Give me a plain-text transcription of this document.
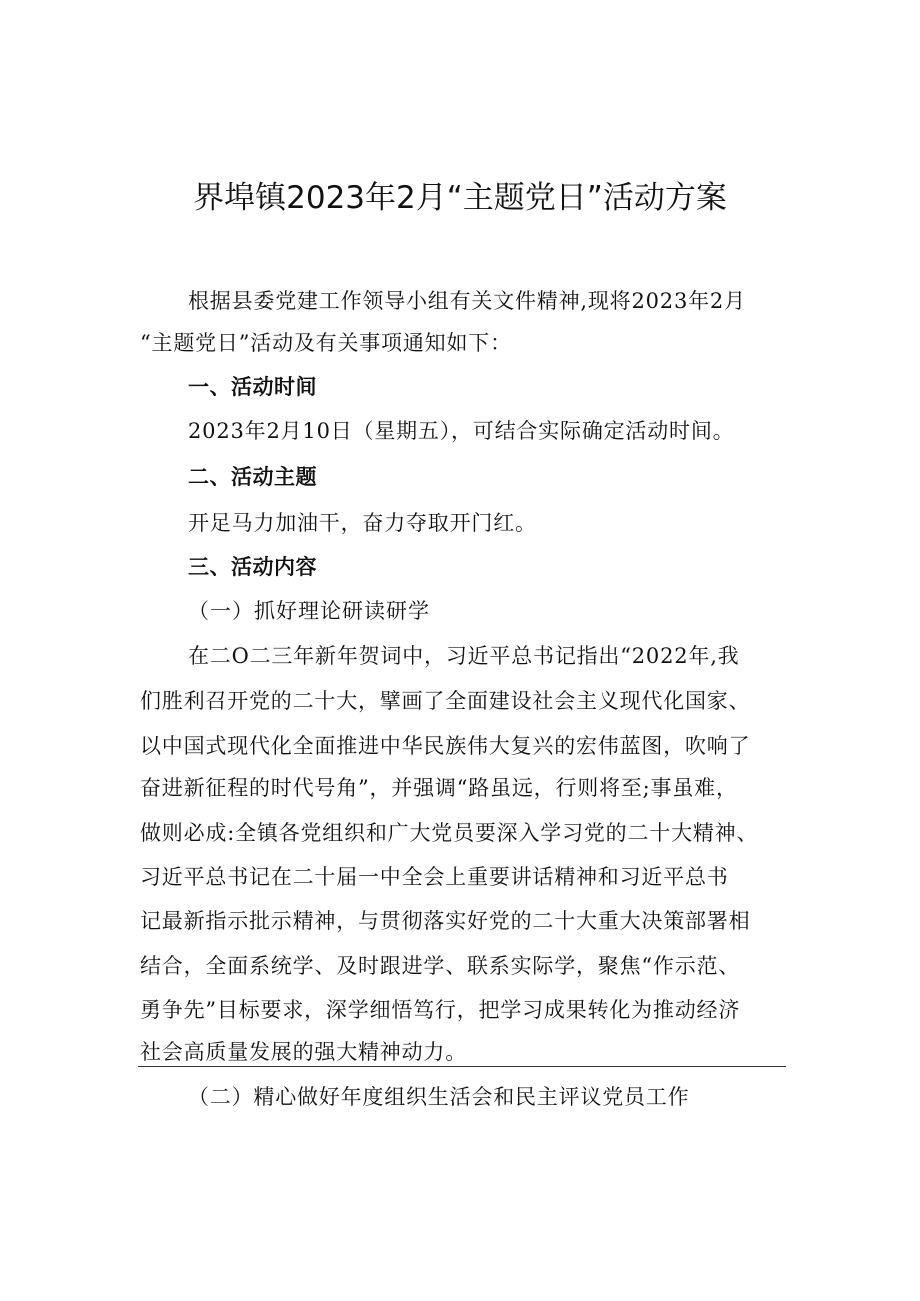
界埠镇2023年2月“主题党日”活动方案
根据县委党建工作领导小组有关文件精神,现将2023年2月
“主题党日”活动及有关事项通知如下：
一、活动时间
2023年2月10日（星期五），可结合实际确定活动时间。
二、活动主题
开足马力加油干，奋力夺取开门红。
三、活动内容
（一）抓好理论研读研学
在二O二三年新年贺词中，习近平总书记指出“2022年,我
们胜利召开党的二十大，擘画了全面建设社会主义现代化国家、
以中国式现代化全面推进中华民族伟大复兴的宏伟蓝图，吹响了
奋进新征程的时代号角”，并强调“路虽远，行则将至;事虽难，
做则必成:全镇各党组织和广大党员要深入学习党的二十大精神、
习近平总书记在二十届一中全会上重要讲话精神和习近平总书
记最新指示批示精神，与贯彻落实好党的二十大重大决策部署相
结合，全面系统学、及时跟进学、联系实际学，聚焦“作示范、
勇争先”目标要求，深学细悟笃行，把学习成果转化为推动经济
社会高质量发展的强大精神动力。
（二）精心做好年度组织生活会和民主评议党员工作
